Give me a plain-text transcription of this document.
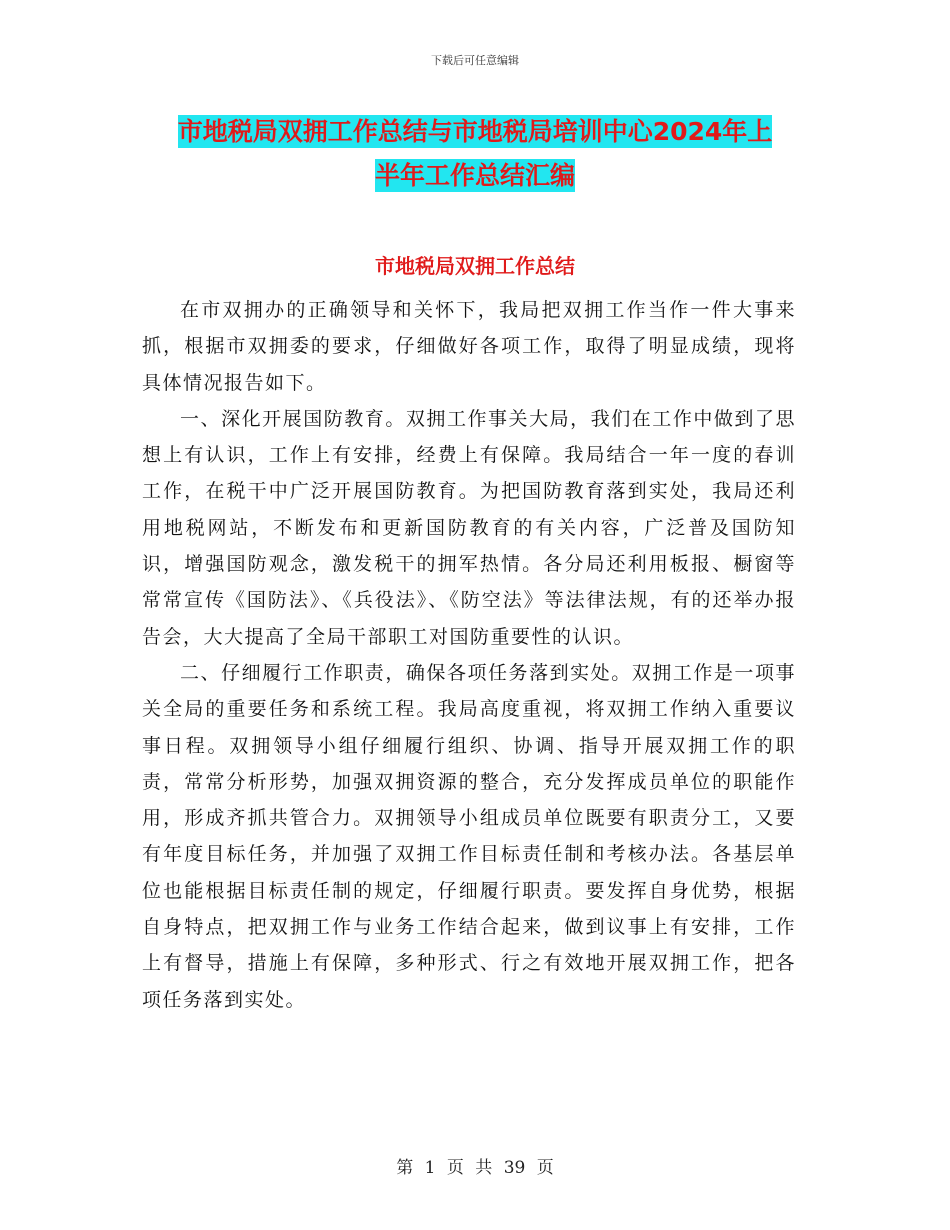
下载后可任意编辑
市地税局双拥工作总结与市地税局培训中心2024年上
半年工作总结汇编
市地税局双拥工作总结

在市双拥办的正确领导和关怀下，我局把双拥工作当作一件大事来抓，根据市双拥委的要求，仔细做好各项工作，取得了明显成绩，现将具体情况报告如下。

一、深化开展国防教育。双拥工作事关大局，我们在工作中做到了思想上有认识，工作上有安排，经费上有保障。我局结合一年一度的春训工作，在税干中广泛开展国防教育。为把国防教育落到实处，我局还利用地税网站，不断发布和更新国防教育的有关内容，广泛普及国防知识，增强国防观念，激发税干的拥军热情。各分局还利用板报、橱窗等常常宣传《国防法》、《兵役法》、《防空法》等法律法规，有的还举办报告会，大大提高了全局干部职工对国防重要性的认识。

二、仔细履行工作职责，确保各项任务落到实处。双拥工作是一项事关全局的重要任务和系统工程。我局高度重视，将双拥工作纳入重要议事日程。双拥领导小组仔细履行组织、协调、指导开展双拥工作的职责，常常分析形势，加强双拥资源的整合，充分发挥成员单位的职能作用，形成齐抓共管合力。双拥领导小组成员单位既要有职责分工，又要有年度目标任务，并加强了双拥工作目标责任制和考核办法。各基层单位也能根据目标责任制的规定，仔细履行职责。要发挥自身优势，根据自身特点，把双拥工作与业务工作结合起来，做到议事上有安排，工作上有督导，措施上有保障，多种形式、行之有效地开展双拥工作，把各项任务落到实处。

第 1 页 共 39 页
